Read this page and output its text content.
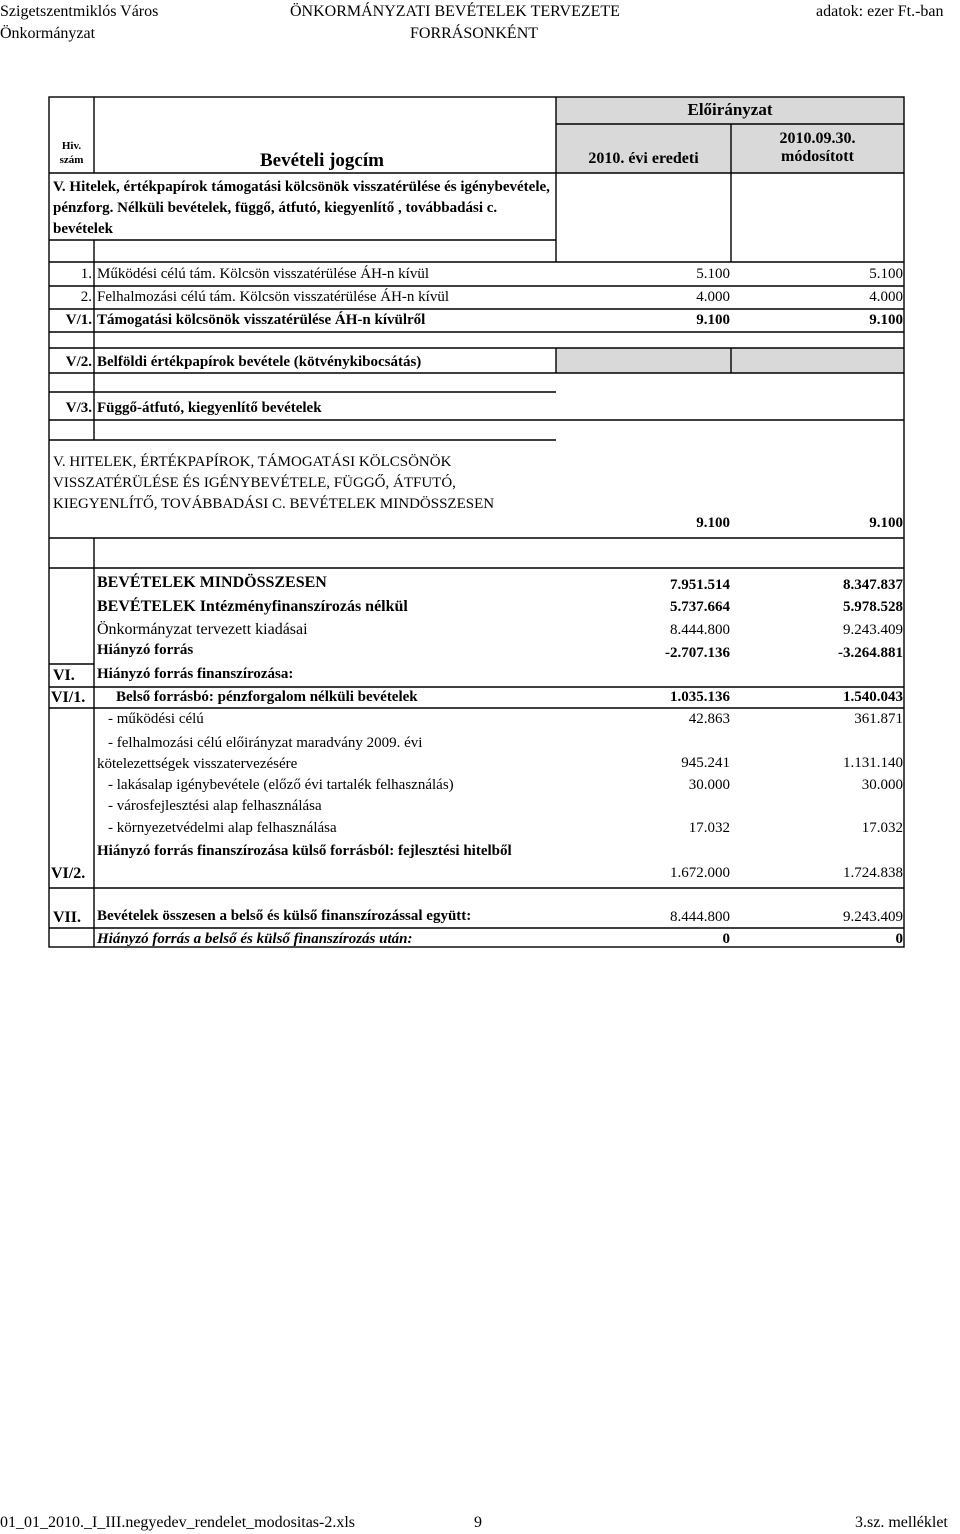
Szigetszentmiklós Város
Önkormányzat
ÖNKORMÁNYZATI BEVÉTELEK TERVEZETE
FORRÁSONKÉNT
adatok: ezer Ft.-ban
Hiv.
szám	Bevételi jogcím
Előirányzat
2010. évi eredeti
2010.09.30.
módosított
V. Hitelek, értékpapírok támogatási kölcsönök visszatérülése és igénybevétele, pénzforg. Nélküli bevételek, függő, átfutó, kiegyenlítő , továbbadási c. bevételek
1. Működési célú tám. Kölcsön visszatérülése ÁH-n kívül	5.100	5.100
2. Felhalmozási célú tám. Kölcsön visszatérülése ÁH-n kívül	4.000	4.000
V/1. Támogatási kölcsönök visszatérülése ÁH-n kívülről	9.100	9.100
V/2. Belföldi értékpapírok bevétele (kötvénykibocsátás)
V/3. Függő-átfutó, kiegyenlítő bevételek
V. HITELEK, ÉRTÉKPAPÍROK, TÁMOGATÁSI KÖLCSÖNÖK VISSZATÉRÜLÉSE ÉS IGÉNYBEVÉTELE, FÜGGŐ, ÁTFUTÓ, KIEGYENLÍTŐ, TOVÁBBADÁSI C. BEVÉTELEK MINDÖSSZESEN
9.100	9.100
BEVÉTELEK MINDÖSSZESEN	7.951.514	8.347.837
BEVÉTELEK Intézményfinanszírozás nélkül	5.737.664	5.978.528
Önkormányzat tervezett kiadásai	8.444.800	9.243.409
Hiányzó forrás	-2.707.136	-3.264.881
VI. Hiányzó forrás finanszírozása:
VI/1. Belső forrásbó: pénzforgalom nélküli bevételek	1.035.136	1.540.043
- működési célú	42.863	361.871
- felhalmozási célú előirányzat maradvány 2009. évi kötelezettségek visszatervezésére	945.241	1.131.140
- lakásalap igénybevétele (előző évi tartalék felhasználás)	30.000	30.000
- városfejlesztési alap felhasználása
- környezetvédelmi alap felhasználása	17.032	17.032
VI/2.
Hiányzó forrás finanszírozása külső forrásból: fejlesztési hitelből
1.672.000	1.724.838
VII. Bevételek összesen a belső és külső finanszírozással együtt:	8.444.800	9.243.409
Hiányzó forrás a belső és külső finanszírozás után:	0	0
01_01_2010._I_III.negyedev_rendelet_modositas-2.xls	9	3.sz. melléklet
